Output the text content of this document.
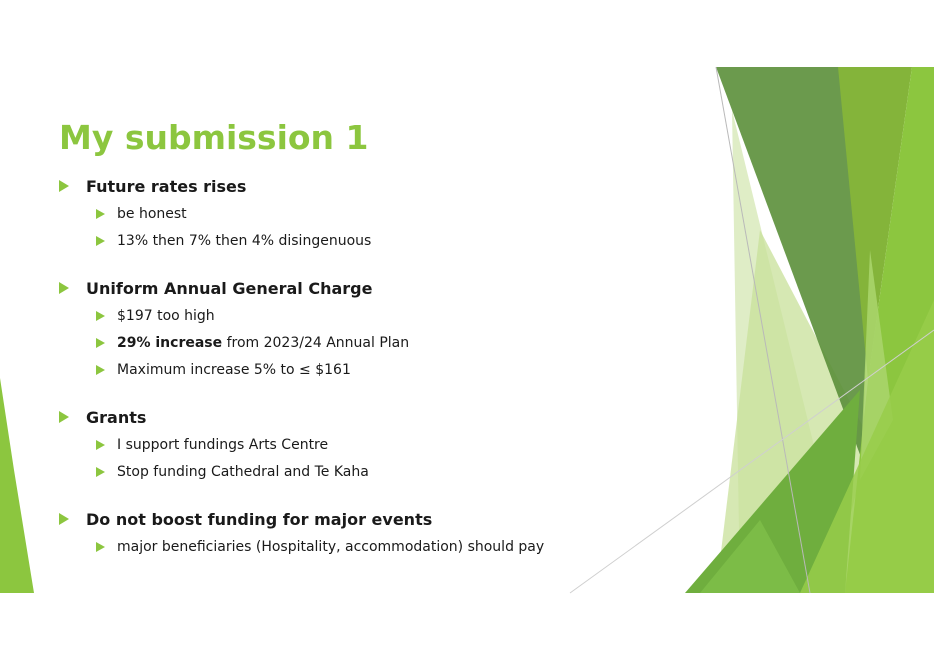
My submission 1
Future rates rises
be honest
13% then 7% then 4% disingenuous
Uniform Annual General Charge
$197 too high
29% increase from 2023/24 Annual Plan
Maximum increase 5% to ≤ $161
Grants
I support fundings Arts Centre
Stop funding Cathedral and Te Kaha
Do not boost funding for major events
major beneficiaries (Hospitality, accommodation) should pay
